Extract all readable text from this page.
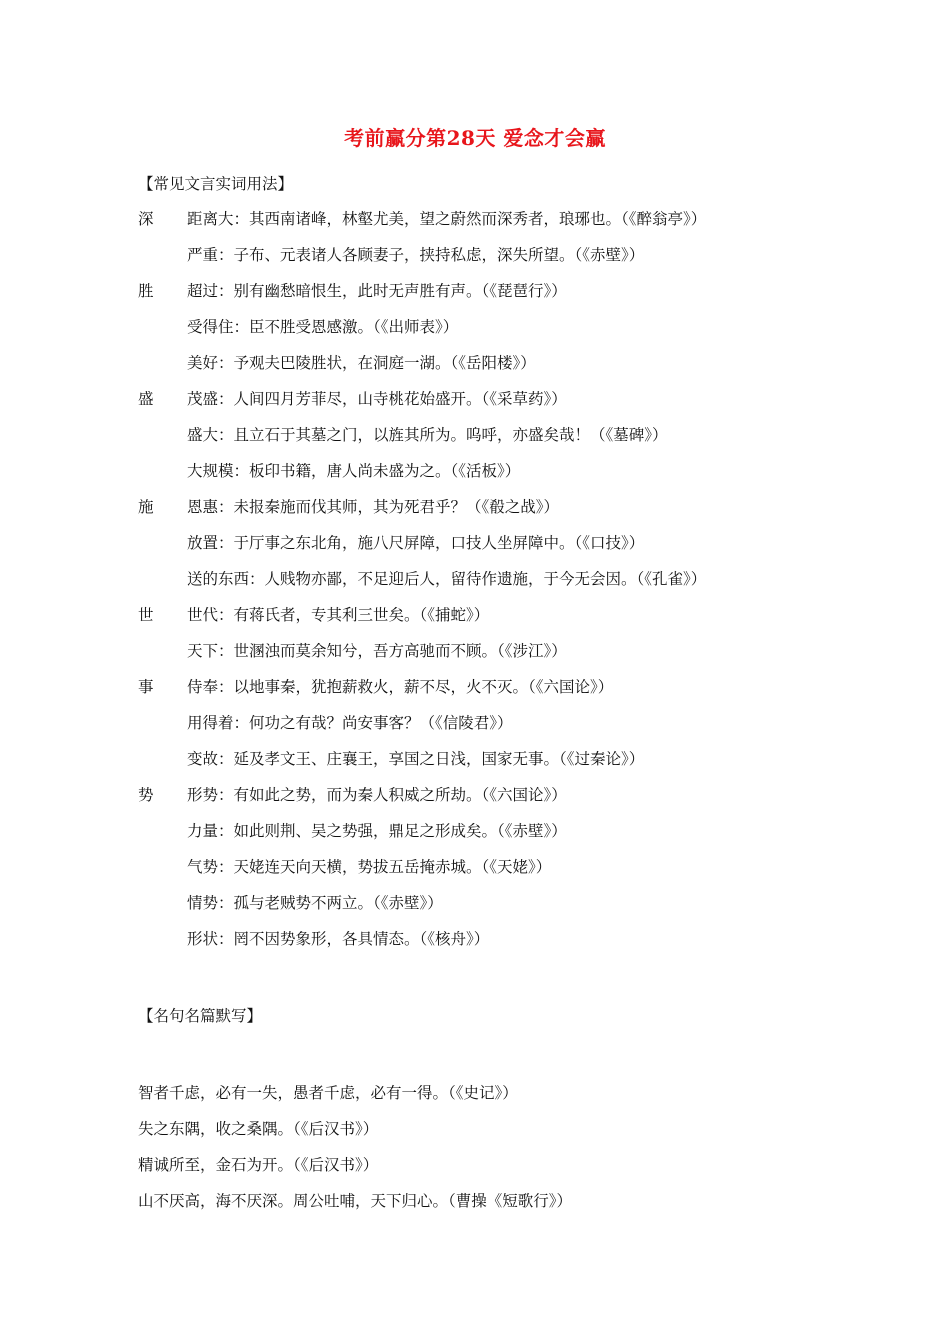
考前赢分第28天 爱念才会赢
【常见文言实词用法】
深 距离大：其西南诸峰，林壑尤美，望之蔚然而深秀者，琅琊也。（《醉翁亭》）
严重：子布、元表诸人各顾妻子，挟持私虑，深失所望。（《赤壁》）
胜 超过：别有幽愁暗恨生，此时无声胜有声。（《琵琶行》）
受得住：臣不胜受恩感激。（《出师表》）
美好：予观夫巴陵胜状，在洞庭一湖。（《岳阳楼》）
盛 茂盛：人间四月芳菲尽，山寺桃花始盛开。（《采草药》）
盛大：且立石于其墓之门，以旌其所为。呜呼，亦盛矣哉！（《墓碑》）
大规模：板印书籍，唐人尚未盛为之。（《活板》）
施 恩惠：未报秦施而伐其师，其为死君乎？（《殽之战》）
放置：于厅事之东北角，施八尺屏障，口技人坐屏障中。（《口技》）
送的东西：人贱物亦鄙，不足迎后人，留待作遗施，于今无会因。（《孔雀》）
世 世代：有蒋氏者，专其利三世矣。（《捕蛇》）
天下：世溷浊而莫余知兮，吾方高驰而不顾。（《涉江》）
事 侍奉：以地事秦，犹抱薪救火，薪不尽，火不灭。（《六国论》）
用得着：何功之有哉？尚安事客？（《信陵君》）
变故：延及孝文王、庄襄王，享国之日浅，国家无事。（《过秦论》）
势 形势：有如此之势，而为秦人积威之所劫。（《六国论》）
力量：如此则荆、吴之势强，鼎足之形成矣。（《赤壁》）
气势：天姥连天向天横，势拔五岳掩赤城。（《天姥》）
情势：孤与老贼势不两立。（《赤壁》）
形状：罔不因势象形，各具情态。（《核舟》）
【名句名篇默写】
智者千虑，必有一失，愚者千虑，必有一得。（《史记》）
失之东隅，收之桑隅。（《后汉书》）
精诚所至，金石为开。（《后汉书》）
山不厌高，海不厌深。周公吐哺，天下归心。（曹操《短歌行》）
